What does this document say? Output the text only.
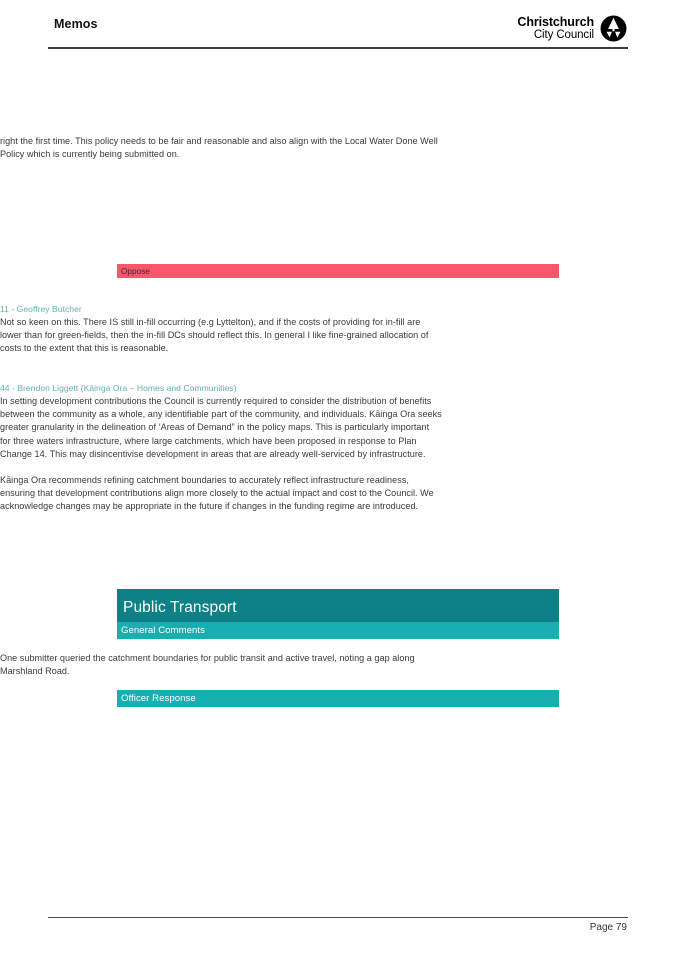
Memos	Christchurch
City Council

right the first time. This policy needs to be fair and reasonable and also align with the Local Water Done Well Policy which is currently being submitted on.

Oppose

11 - Geoffrey Butcher

Not so keen on this. There IS still in-fill occurring (e.g Lyttelton), and if the costs of providing for in-fill are lower than for green-fields, then the in-fill DCs should reflect this. In general I like fine-grained allocation of costs to the extent that this is reasonable.

44 - Brendon Liggett (Kāinga Ora – Homes and Communities)

In setting development contributions the Council is currently required to consider the distribution of benefits between the community as a whole, any identifiable part of the community, and individuals. Kāinga Ora seeks greater granularity in the delineation of ‘Areas of Demand” in the policy maps. This is particularly important for three waters infrastructure, where large catchments, which have been proposed in response to Plan Change 14. This may disincentivise development in areas that are already well-serviced by infrastructure.

Kāinga Ora recommends refining catchment boundaries to accurately reflect infrastructure readiness, ensuring that development contributions align more closely to the actual impact and cost to the Council. We acknowledge changes may be appropriate in the future if changes in the funding regime are introduced.

Public Transport
General Comments

One submitter queried the catchment boundaries for public transit and active travel, noting a gap along Marshland Road.

Officer Response
Page 79
